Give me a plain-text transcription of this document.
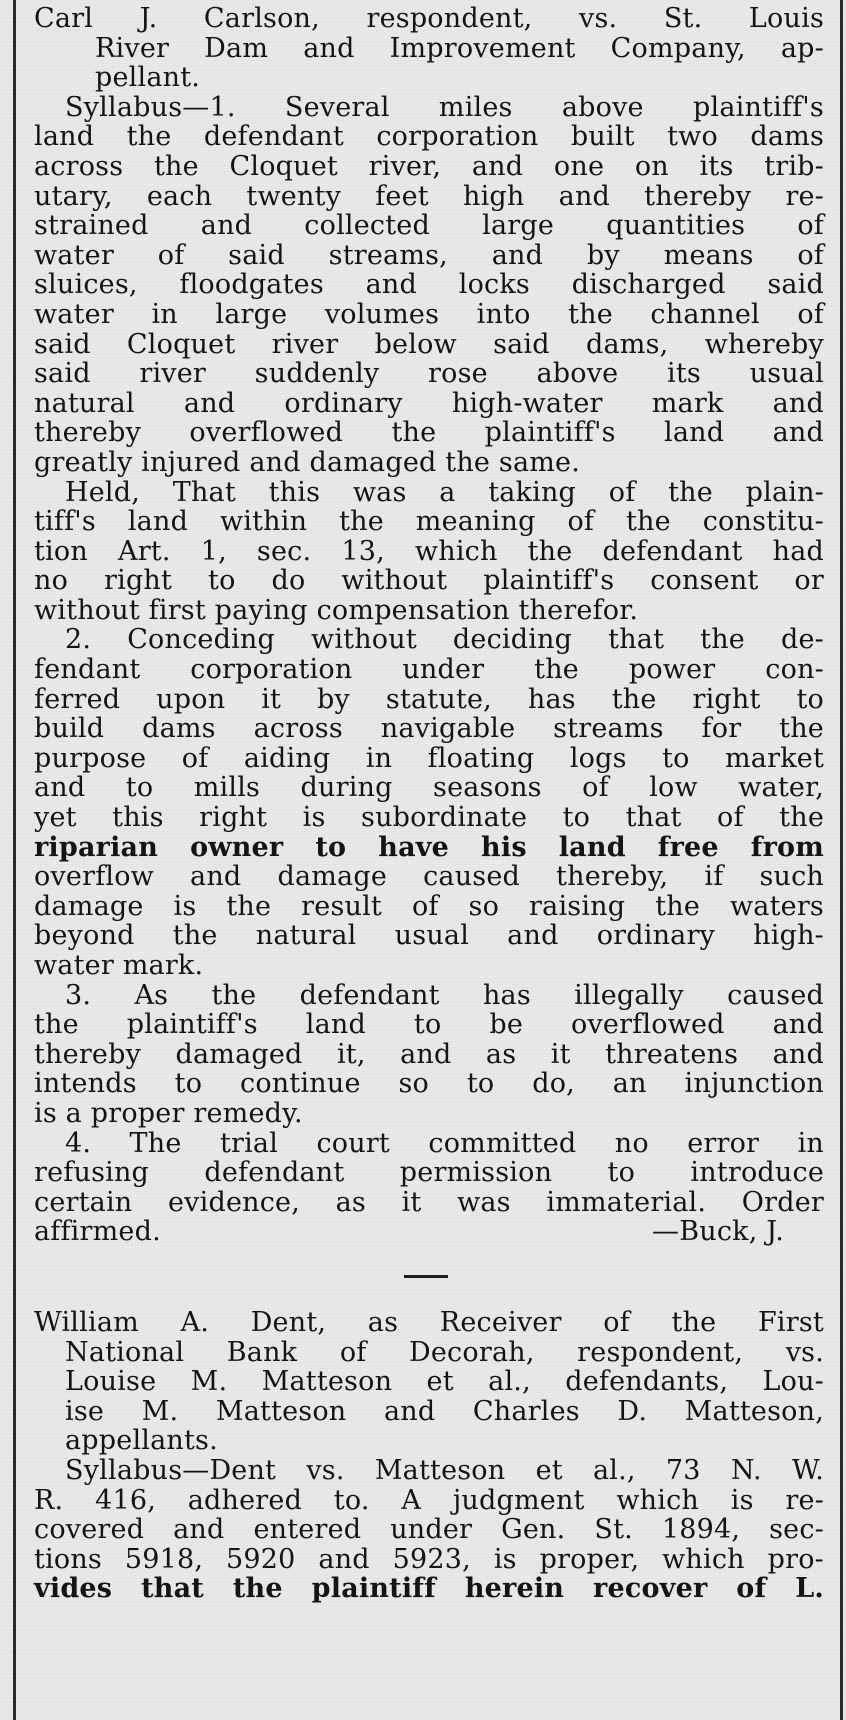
Carl J. Carlson, respondent, vs. St. Louis
River Dam and Improvement Company, ap-
pellant.
Syllabus—1. Several miles above plaintiff's
land the defendant corporation built two dams
across the Cloquet river, and one on its trib-
utary, each twenty feet high and thereby re-
strained and collected large quantities of
water of said streams, and by means of
sluices, floodgates and locks discharged said
water in large volumes into the channel of
said Cloquet river below said dams, whereby
said river suddenly rose above its usual
natural and ordinary high-water mark and
thereby overflowed the plaintiff's land and
greatly injured and damaged the same.
Held, That this was a taking of the plain-
tiff's land within the meaning of the constitu-
tion Art. 1, sec. 13, which the defendant had
no right to do without plaintiff's consent or
without first paying compensation therefor.
2. Conceding without deciding that the de-
fendant corporation under the power con-
ferred upon it by statute, has the right to
build dams across navigable streams for the
purpose of aiding in floating logs to market
and to mills during seasons of low water,
yet this right is subordinate to that of the
riparian owner to have his land free from
overflow and damage caused thereby, if such
damage is the result of so raising the waters
beyond the natural usual and ordinary high-
water mark.
3. As the defendant has illegally caused
the plaintiff's land to be overflowed and
thereby damaged it, and as it threatens and
intends to continue so to do, an injunction
is a proper remedy.
4. The trial court committed no error in
refusing defendant permission to introduce
certain evidence, as it was immaterial. Order
affirmed.	—Buck, J.
William A. Dent, as Receiver of the First
National Bank of Decorah, respondent, vs.
Louise M. Matteson et al., defendants, Lou-
ise M. Matteson and Charles D. Matteson,
appellants.
Syllabus—Dent vs. Matteson et al., 73 N. W.
R. 416, adhered to. A judgment which is re-
covered and entered under Gen. St. 1894, sec-
tions 5918, 5920 and 5923, is proper, which pro-
vides that the plaintiff herein recover of L.
